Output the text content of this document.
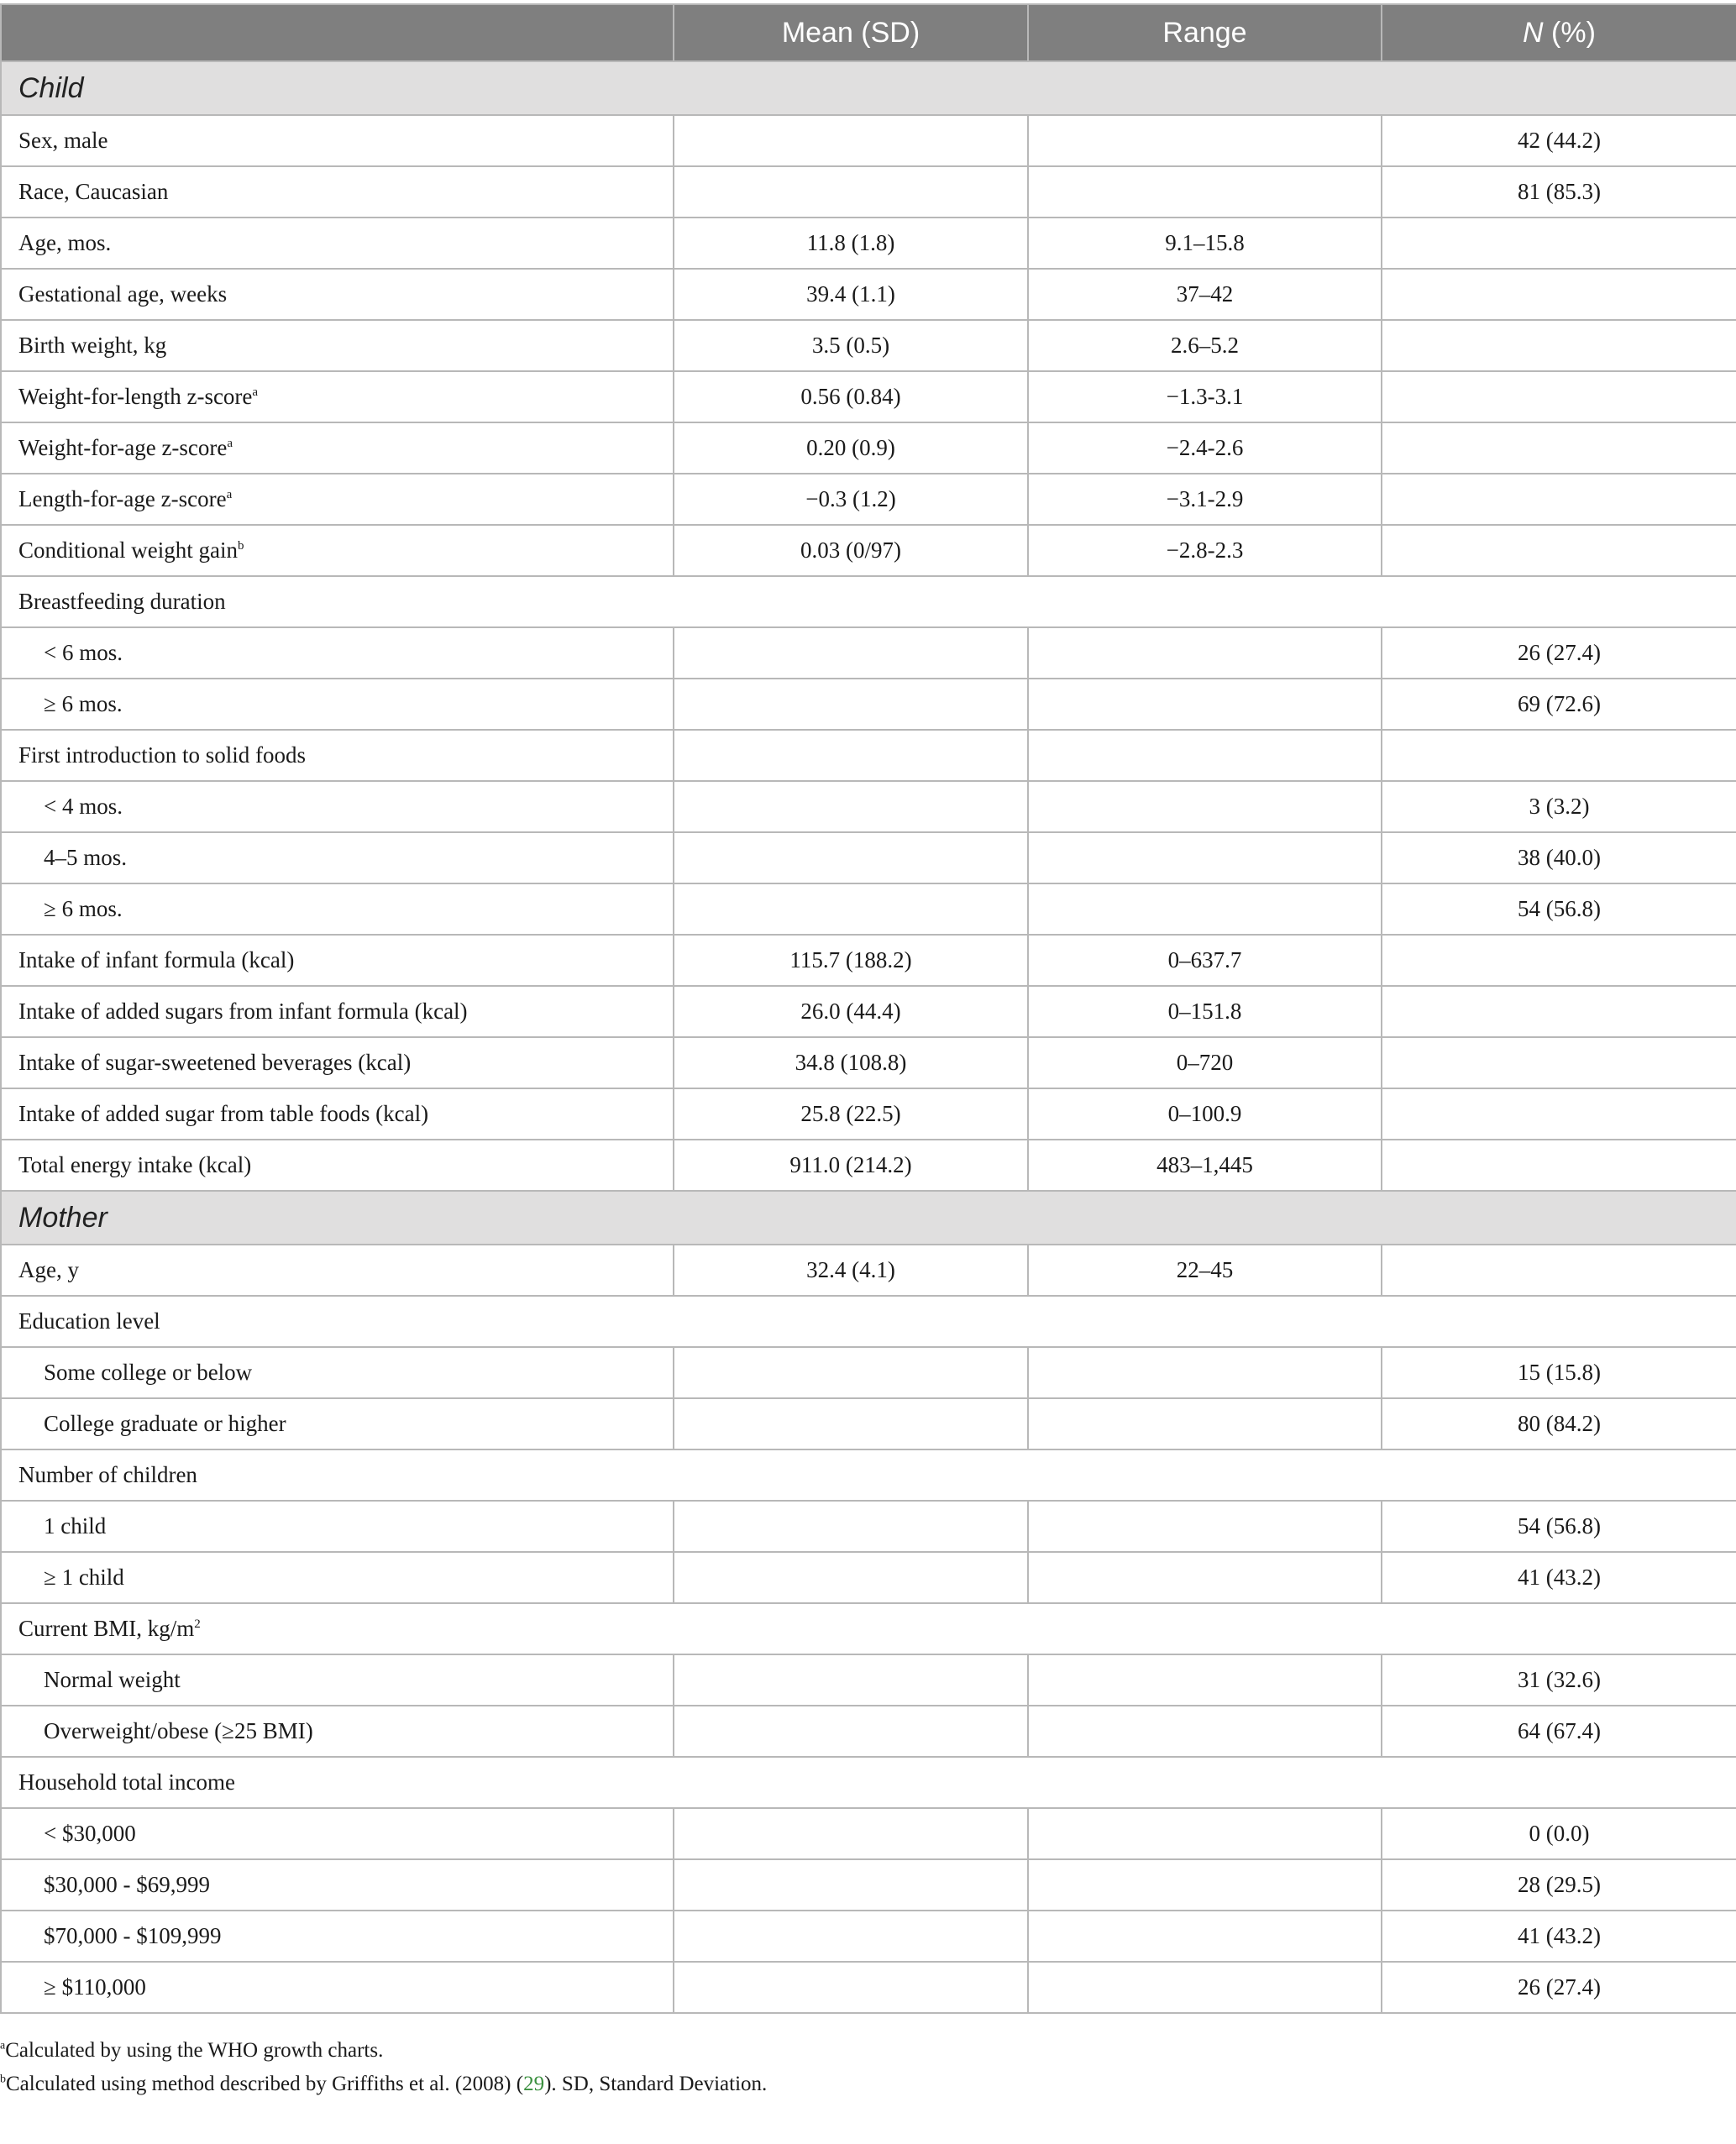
	Mean (SD)	Range	N (%)
Child			
Sex, male			42 (44.2)
Race, Caucasian			81 (85.3)
Age, mos.	11.8 (1.8)	9.1–15.8	
Gestational age, weeks	39.4 (1.1)	37–42	
Birth weight, kg	3.5 (0.5)	2.6–5.2	
Weight-for-length z-score$^a$	0.56 (0.84)	−1.3-3.1	
Weight-for-age z-score$^a$	0.20 (0.9)	−2.4-2.6	
Length-for-age z-score$^a$	−0.3 (1.2)	−3.1-2.9	
Conditional weight gain$^b$	0.03 (0/97)	−2.8-2.3	
Breastfeeding duration			
< 6 mos.			26 (27.4)
≥ 6 mos.			69 (72.6)
First introduction to solid foods			
< 4 mos.			3 (3.2)
4–5 mos.			38 (40.0)
≥ 6 mos.			54 (56.8)
Intake of infant formula (kcal)	115.7 (188.2)	0–637.7	
Intake of added sugars from infant formula (kcal)	26.0 (44.4)	0–151.8	
Intake of sugar-sweetened beverages (kcal)	34.8 (108.8)	0–720	
Intake of added sugar from table foods (kcal)	25.8 (22.5)	0–100.9	
Total energy intake (kcal)	911.0 (214.2)	483–1,445	
Mother			
Age, y	32.4 (4.1)	22–45	
Education level			
Some college or below			15 (15.8)
College graduate or higher			80 (84.2)
Number of children			
1 child			54 (56.8)
≥ 1 child			41 (43.2)
Current BMI, $kg/m^2$
Normal weight			31 (32.6)
Overweight/obese (≥25 BMI)			64 (67.4)
Household total income			
< $30,000			0 (0.0)
$30,000 - $69,999			28 (29.5)
$70,000 - $109,999			41 (43.2)
≥ $110,000			26 (27.4)
$^a$Calculated by using the WHO growth charts.
$^b$Calculated using method described by Griffiths et al. (2008) (29). SD, Standard Deviation.
